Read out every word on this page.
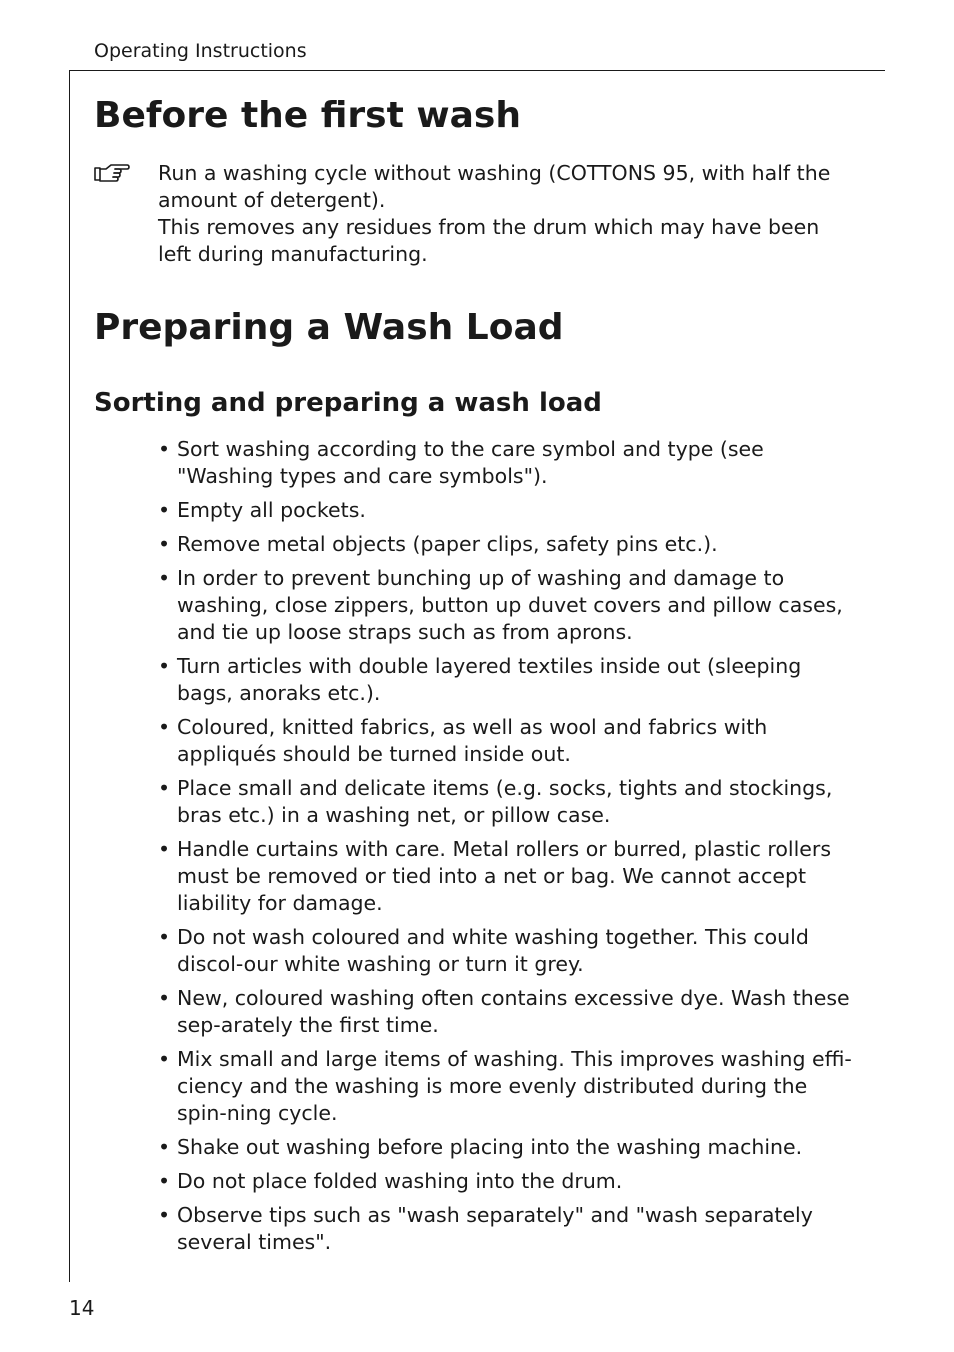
Operating Instructions
Before the first wash

Run a washing cycle without washing (COTTONS 95, with half the amount of detergent).

This removes any residues from the drum which may have been left during manufacturing.

Preparing a Wash Load
Sorting and preparing a wash load
• Sort washing according to the care symbol and type (see "Washing types and care symbols").
• Empty all pockets.
• Remove metal objects (paper clips, safety pins etc.).
• In order to prevent bunching up of washing and damage to washing, close zippers, button up duvet covers and pillow cases, and tie up loose straps such as from aprons.
• Turn articles with double layered textiles inside out (sleeping bags, anoraks etc.).
• Coloured, knitted fabrics, as well as wool and fabrics with appliqués should be turned inside out.
• Place small and delicate items (e.g. socks, tights and stockings, bras etc.) in a washing net, or pillow case.
• Handle curtains with care. Metal rollers or burred, plastic rollers must be removed or tied into a net or bag. We cannot accept liability for damage.
• Do not wash coloured and white washing together. This could discol-our white washing or turn it grey.
• New, coloured washing often contains excessive dye. Wash these sep-arately the first time.
• Mix small and large items of washing. This improves washing effi-ciency and the washing is more evenly distributed during the spin-ning cycle.
• Shake out washing before placing into the washing machine.
• Do not place folded washing into the drum.
• Observe tips such as "wash separately" and "wash separately several times".
14
